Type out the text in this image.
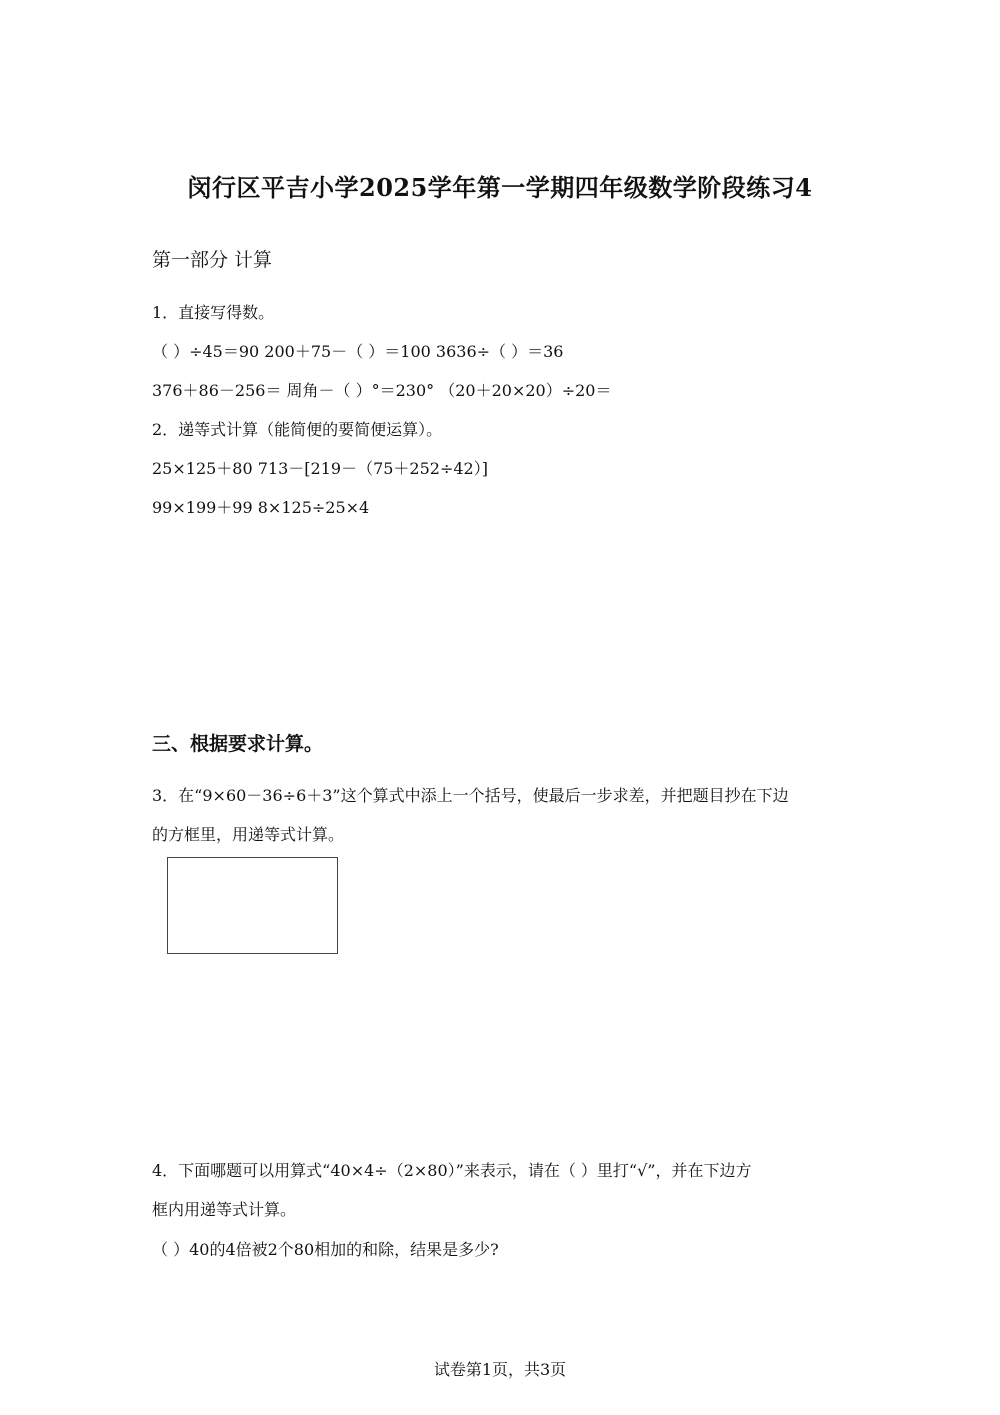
闵行区平吉小学2025学年第一学期四年级数学阶段练习4
第一部分 计算
1．直接写得数。
（ ）÷45＝90 200＋75－（ ）＝100 3636÷（ ）＝36
376＋86－256＝ 周角－（ ）°＝230° （20＋20×20）÷20＝
2．递等式计算（能简便的要简便运算）。
25×125＋80 713－[219－（75＋252÷42）]
99×199＋99 8×125÷25×4
三、根据要求计算。
3．在“9×60－36÷6＋3”这个算式中添上一个括号，使最后一步求差，并把题目抄在下边
的方框里，用递等式计算。
4．下面哪题可以用算式“40×4÷（2×80）”来表示，请在（ ）里打“√”，并在下边方
框内用递等式计算。
（ ）40的4倍被2个80相加的和除，结果是多少?
试卷第1页，共3页
